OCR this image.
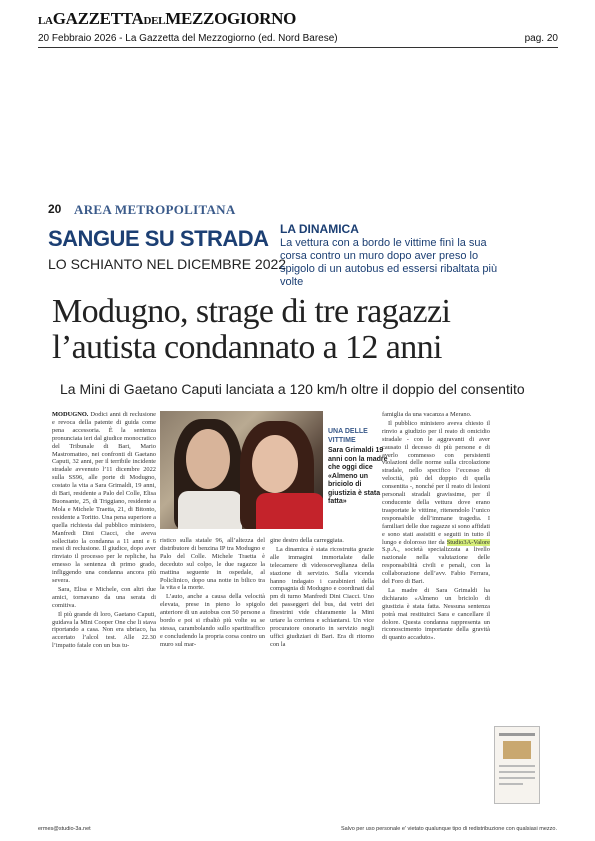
LAGAZZETTADELMEZZOGIORNO
20 Febbraio 2026 - La Gazzetta del Mezzogiorno (ed. Nord Barese)	pag. 20
20 AREA METROPOLITANA
SANGUE SU STRADA
LO SCHIANTO NEL DICEMBRE 2022
LA DINAMICA
La vettura con a bordo le vittime finì la sua corsa contro un muro dopo aver preso lo spigolo di un autobus ed essersi ribaltata più volte
Modugno, strage di tre ragazzi
l’autista condannato a 12 anni
La Mini di Gaetano Caputi lanciata a 120 km/h oltre il doppio del consentito

MODUGNO. Dodici anni di reclusione e revoca della patente di guida come pena accessoria. È la sentenza pronunciata ieri dal giudice monocratico del Tribunale di Bari, Mario Mastromatteo, nei confronti di Gaetano Caputi, 32 anni, per il terribile incidente stradale avvenuto l’11 dicembre 2022 sulla SS96, alle porte di Modugno, costato la vita a Sara Grimaldi, 19 anni, di Bari, residente a Palo del Colle, Elisa Buonsante, 25, di Triggiano, residente a Mola e Michele Traetta, 21, di Bitonto, residente a Toritto. Una pena superiore a quella richiesta dal pubblico ministero, Manfredi Dini Ciacci, che aveva sollecitato la condanna a 11 anni e 6 mesi di reclusione. Il giudice, dopo aver rinviato il processo per le repliche, ha emesso la sentenza di primo grado, infliggendo una condanna ancora più severa.

Sara, Elisa e Michele, con altri due amici, tornavano da una serata di comitiva.

Il più grande di loro, Gaetano Caputi, guidava la Mini Cooper One che li stava riportando a casa. Non era ubriaco, ha accertato l’alcol test. Alle 22.30 l’impatto fatale con un bus tu-

UNA DELLE VITTIME
Sara Grimaldi 19 anni con la madre che oggi dice «Almeno un briciolo di giustizia è stata fatta»

ristico sulla statale 96, all’altezza del distributore di benzina IP tra Modugno e Palo del Colle. Michele Traetta è deceduto sul colpo, le due ragazze la mattina seguente in ospedale, al Policlinico, dopo una notte in bilico tra la vita e la morte.

L’auto, anche a causa della velocità elevata, prese in pieno lo spigolo anteriore di un autobus con 50 persone a bordo e poi si ribaltò più volte su se stessa, carambolando sullo spartitraffico e concludendo la propria corsa contro un muro sul mar-

gine destro della carreggiata.

La dinamica è stata ricostruita grazie alle immagini immortalate dalle telecamere di videosorveglianza della stazione di servizio. Sulla vicenda hanno indagato i carabinieri della compagnia di Modugno e coordinati dal pm di turno Manfredi Dini Ciacci. Uno dei passeggeri del bus, dai vetri dei finestrini vide chiaramente la Mini urtare la corriera e schiantarsi. Un vice procuratore onorario in servizio negli uffici giudiziari di Bari. Era di ritorno con la

famiglia da una vacanza a Merano.

Il pubblico ministero aveva chiesto il rinvio a giudizio per il reato di omicidio stradale - con le aggravanti di aver causato il decesso di più persone e di averlo commesso con persistenti violazioni delle norme sulla circolazione stradale, nello specifico l’eccesso di velocità, più del doppio di quella consentita -, nonché per il reato di lesioni personali stradali gravissime, per il conducente della vettura dove erano trasportate le vittime, ritenendolo l’unico responsabile dell’immane tragedia. I familiari delle due ragazze si sono affidati e sono stati assistiti e seguiti in tutto il lungo e doloroso iter da Studio3A-Valore S.p.A., società specializzata a livello nazionale nella valutazione delle responsabilità civili e penali, con la collaborazione dell’avv. Fabio Ferrara, del Foro di Bari.

La madre di Sara Grimaldi ha dichiarato «Almeno un briciolo di giustizia è stata fatta. Nessuna sentenza potrà mai restituirci Sara e cancellare il dolore. Questa condanna rappresenta un riconoscimento importante della gravità di quanto accaduto».

ermes@studio-3a.net	Salvo per uso personale e' vietato qualunque tipo di redistribuzione con qualsiasi mezzo.
